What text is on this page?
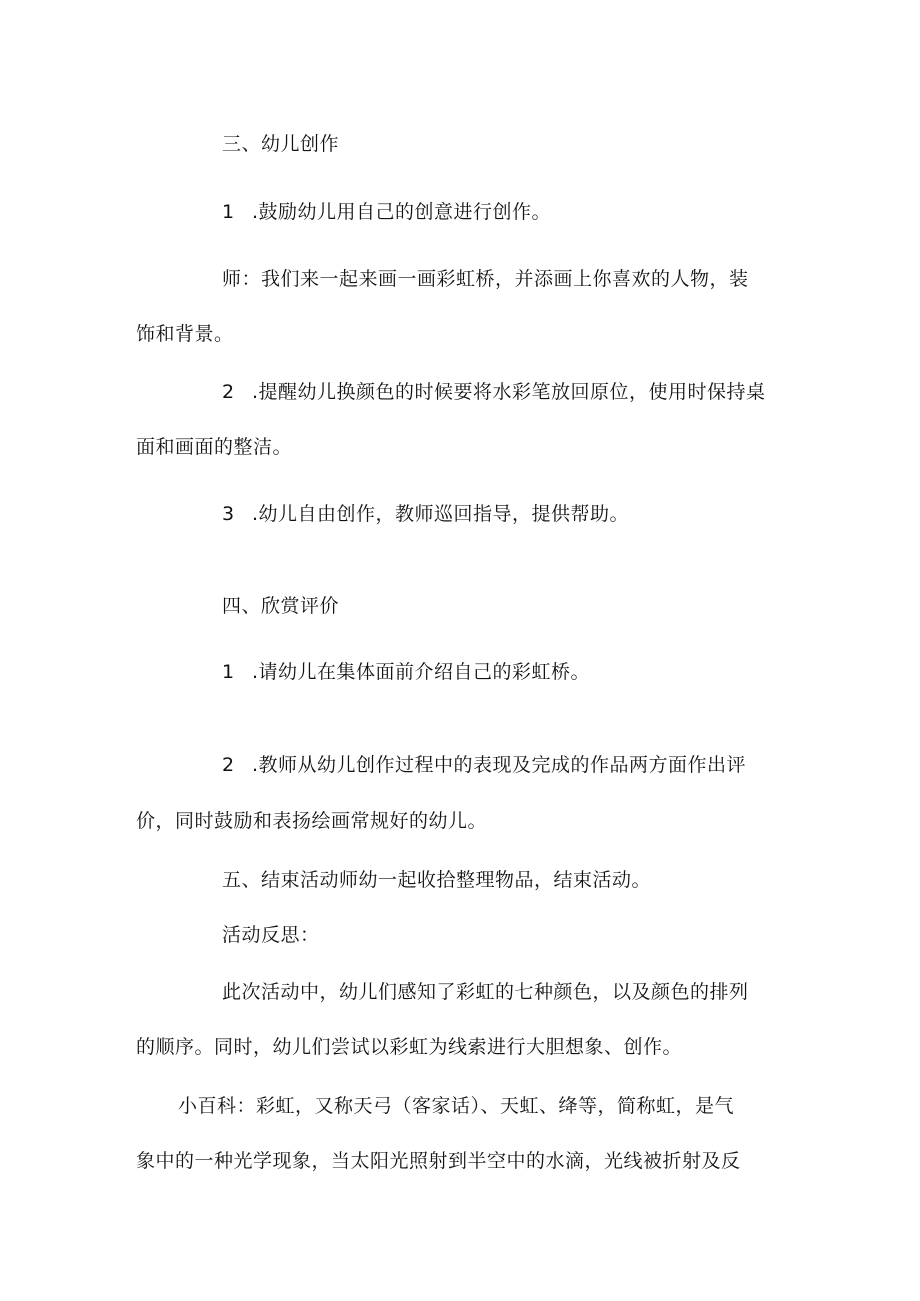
三、幼儿创作
1 .鼓励幼儿用自己的创意进行创作。
师：我们来一起来画一画彩虹桥，并添画上你喜欢的人物，装
饰和背景。
2 .提醒幼儿换颜色的时候要将水彩笔放回原位，使用时保持桌
面和画面的整洁。
3 .幼儿自由创作，教师巡回指导，提供帮助。
四、欣赏评价
1 .请幼儿在集体面前介绍自己的彩虹桥。
2 .教师从幼儿创作过程中的表现及完成的作品两方面作出评
价，同时鼓励和表扬绘画常规好的幼儿。
五、结束活动师幼一起收拾整理物品，结束活动。
活动反思：
此次活动中，幼儿们感知了彩虹的七种颜色，以及颜色的排列
的顺序。同时，幼儿们尝试以彩虹为线索进行大胆想象、创作。
小百科：彩虹，又称天弓（客家话）、天虹、绛等，简称虹，是气
象中的一种光学现象，当太阳光照射到半空中的水滴，光线被折射及反
